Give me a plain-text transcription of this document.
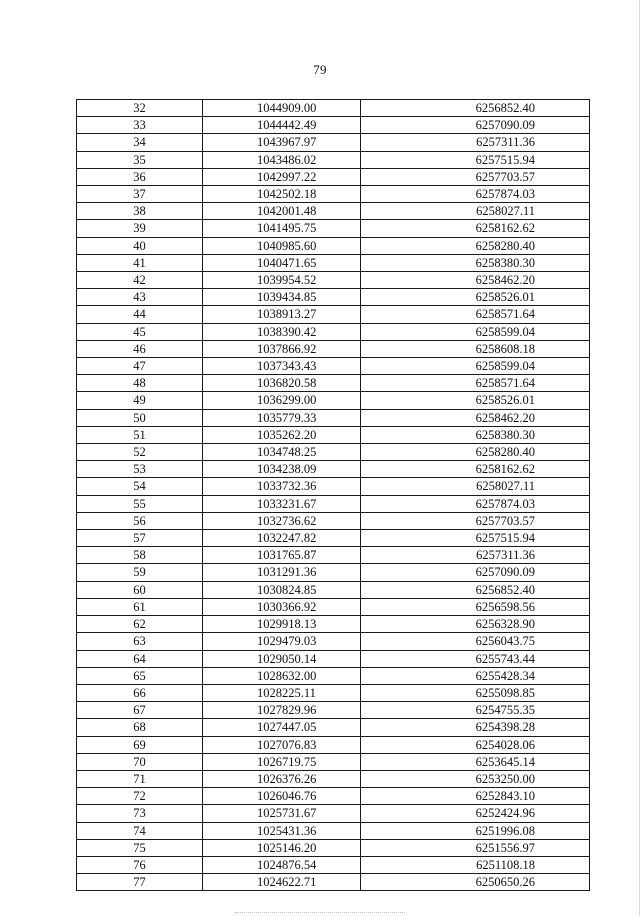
79
32	1044909.00	6256852.40
33	1044442.49	6257090.09
34	1043967.97	6257311.36
35	1043486.02	6257515.94
36	1042997.22	6257703.57
37	1042502.18	6257874.03
38	1042001.48	6258027.11
39	1041495.75	6258162.62
40	1040985.60	6258280.40
41	1040471.65	6258380.30
42	1039954.52	6258462.20
43	1039434.85	6258526.01
44	1038913.27	6258571.64
45	1038390.42	6258599.04
46	1037866.92	6258608.18
47	1037343.43	6258599.04
48	1036820.58	6258571.64
49	1036299.00	6258526.01
50	1035779.33	6258462.20
51	1035262.20	6258380.30
52	1034748.25	6258280.40
53	1034238.09	6258162.62
54	1033732.36	6258027.11
55	1033231.67	6257874.03
56	1032736.62	6257703.57
57	1032247.82	6257515.94
58	1031765.87	6257311.36
59	1031291.36	6257090.09
60	1030824.85	6256852.40
61	1030366.92	6256598.56
62	1029918.13	6256328.90
63	1029479.03	6256043.75
64	1029050.14	6255743.44
65	1028632.00	6255428.34
66	1028225.11	6255098.85
67	1027829.96	6254755.35
68	1027447.05	6254398.28
69	1027076.83	6254028.06
70	1026719.75	6253645.14
71	1026376.26	6253250.00
72	1026046.76	6252843.10
73	1025731.67	6252424.96
74	1025431.36	6251996.08
75	1025146.20	6251556.97
76	1024876.54	6251108.18
77	1024622.71	6250650.26
